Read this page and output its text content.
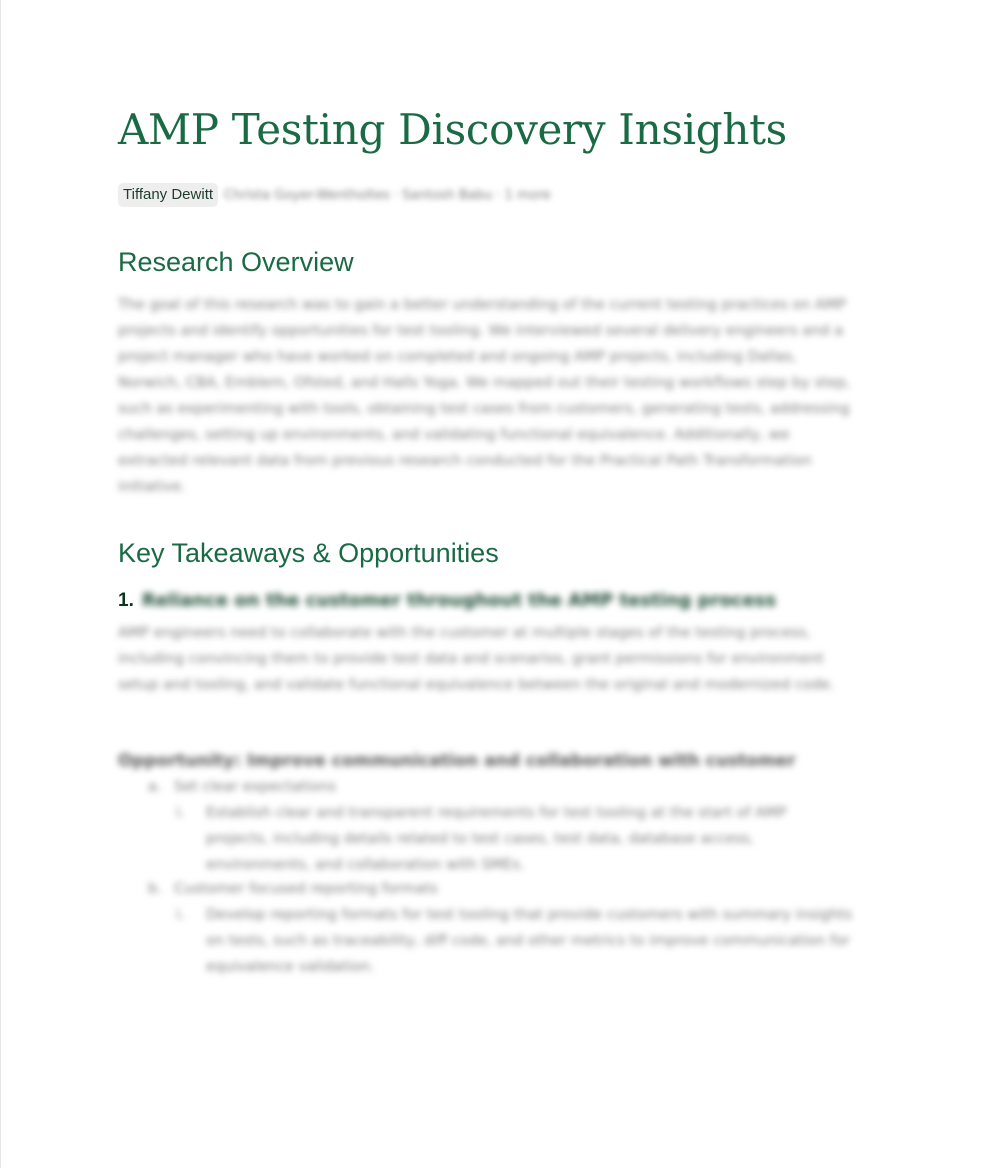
AMP Testing Discovery Insights
Tiffany Dewitt Christa Goyer-Wentholtes · Santosh Babu · 1 more
Research Overview

The goal of this research was to gain a better understanding of the current testing practices on AMP projects and identify opportunities for test tooling. We interviewed several delivery engineers and a project manager who have worked on completed and ongoing AMP projects, including Dallas, Norwich, CBA, Emblem, Ofsted, and Halls Yoga. We mapped out their testing workflows step by step, such as experimenting with tools, obtaining test cases from customers, generating tests, addressing challenges, setting up environments, and validating functional equivalence. Additionally, we extracted relevant data from previous research conducted for the Practical Path Transformation initiative.

Key Takeaways & Opportunities
1. Reliance on the customer throughout the AMP testing process

AMP engineers need to collaborate with the customer at multiple stages of the testing process, including convincing them to provide test data and scenarios, grant permissions for environment setup and tooling, and validate functional equivalence between the original and modernized code.

Opportunity: Improve communication and collaboration with customer
a. Set clear expectations
i. Establish clear and transparent requirements for test tooling at the start of AMP projects, including details related to test cases, test data, database access, environments, and collaboration with SMEs.
b. Customer focused reporting formats
i. Develop reporting formats for test tooling that provide customers with summary insights on tests, such as traceability, diff code, and other metrics to improve communication for equivalence validation.
